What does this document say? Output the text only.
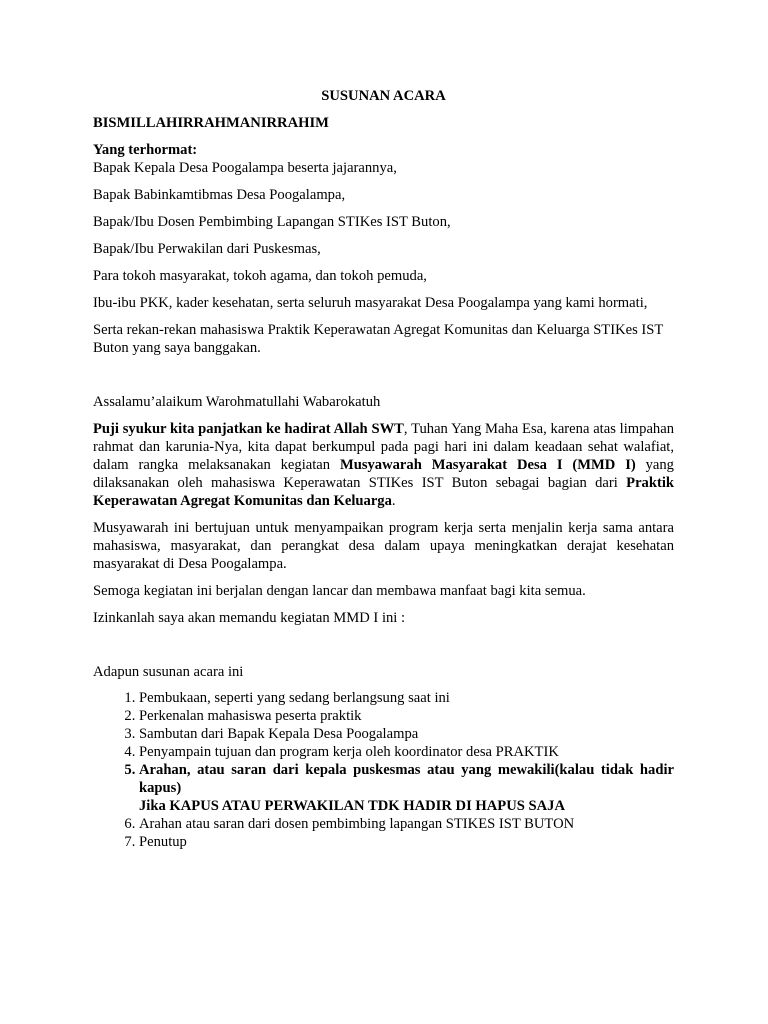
SUSUNAN ACARA

BISMILLAHIRRAHMANIRRAHIM

Yang terhormat:

Bapak Kepala Desa Poogalampa beserta jajarannya,

Bapak Babinkamtibmas Desa Poogalampa,

Bapak/Ibu Dosen Pembimbing Lapangan STIKes IST Buton,

Bapak/Ibu Perwakilan dari Puskesmas,

Para tokoh masyarakat, tokoh agama, dan tokoh pemuda,

Ibu-ibu PKK, kader kesehatan, serta seluruh masyarakat Desa Poogalampa yang kami hormati,

Serta rekan-rekan mahasiswa Praktik Keperawatan Agregat Komunitas dan Keluarga STIKes IST Buton yang saya banggakan.

Assalamu’alaikum Warohmatullahi Wabarokatuh

Puji syukur kita panjatkan ke hadirat Allah SWT, Tuhan Yang Maha Esa, karena atas limpahan rahmat dan karunia-Nya, kita dapat berkumpul pada pagi hari ini dalam keadaan sehat walafiat, dalam rangka melaksanakan kegiatan Musyawarah Masyarakat Desa I (MMD I) yang dilaksanakan oleh mahasiswa Keperawatan STIKes IST Buton sebagai bagian dari Praktik Keperawatan Agregat Komunitas dan Keluarga.

Musyawarah ini bertujuan untuk menyampaikan program kerja serta menjalin kerja sama antara mahasiswa, masyarakat, dan perangkat desa dalam upaya meningkatkan derajat kesehatan masyarakat di Desa Poogalampa.

Semoga kegiatan ini berjalan dengan lancar dan membawa manfaat bagi kita semua.

Izinkanlah saya akan memandu kegiatan MMD I ini :

Adapun susunan acara ini

1. Pembukaan, seperti yang sedang berlangsung saat ini
2. Perkenalan mahasiswa peserta praktik
3. Sambutan dari Bapak Kepala Desa Poogalampa
4. Penyampain tujuan dan program kerja oleh koordinator desa PRAKTIK
5. Arahan, atau saran dari kepala puskesmas atau yang mewakili(kalau tidak hadir kapus)
Jika KAPUS ATAU PERWAKILAN TDK HADIR DI HAPUS SAJA
6. Arahan atau saran dari dosen pembimbing lapangan STIKES IST BUTON
7. Penutup
